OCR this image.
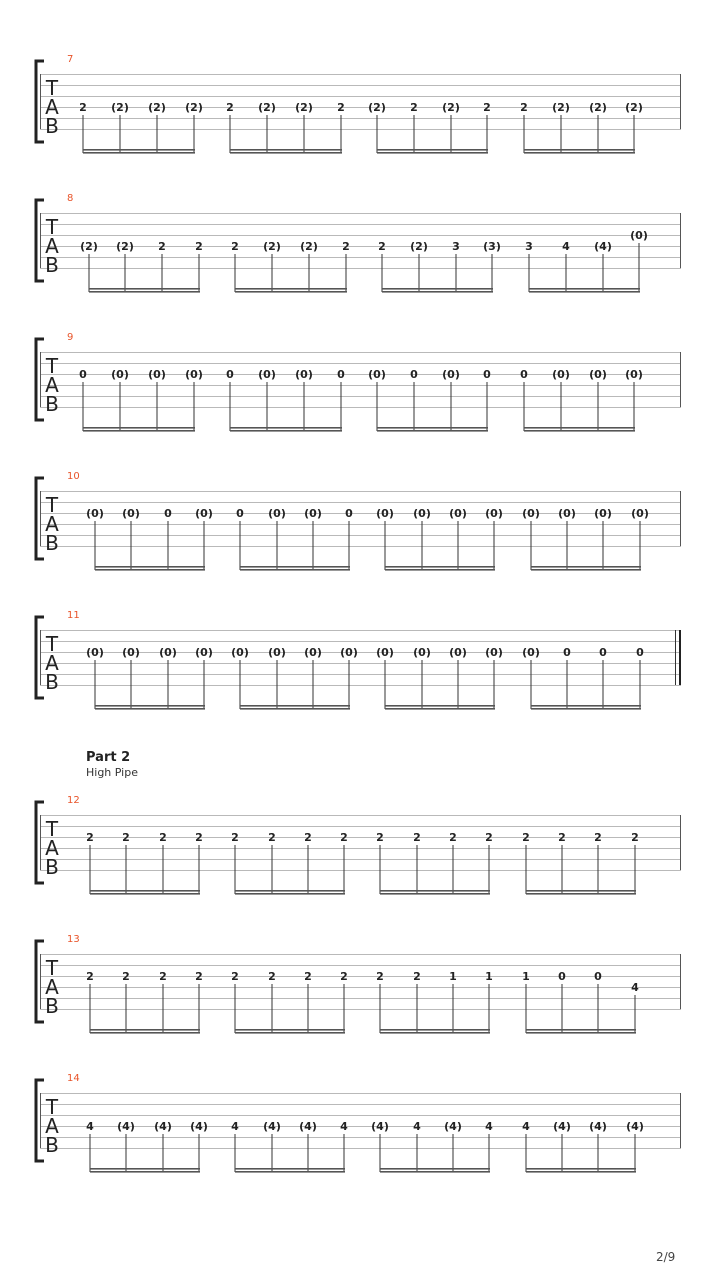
T
A
B
7
2 (2) (2) (2) 2 (2) (2) 2 (2) 2 (2) 2	2 (2) (2) (2)
T
A
B
8
(2) (2) 2	2	2 (2) (2) 2	2 (2) 3 (3) 3	4 (4)
(0)
T
A
B
9
0 (0) (0) (0) 0 (0) (0) 0 (0) 0 (0) 0	0 (0) (0) (0)
T
A
B
10
(0) (0) 0 (0) 0 (0) (0) 0 (0) (0) (0) (0) (0) (0) (0) (0)
T
A
B
11
(0) (0) (0) (0) (0) (0) (0) (0) (0) (0) (0) (0) (0) 0	0	0
T
A
B
12
2	2	2	2	2	2	2	2	2	2	2	2	2	2	2	2
T
A
B
13
2	2	2	2	2	2	2	2	2	2	1	1	1	0	0
4
T
A
B
14
4 (4) (4) (4) 4 (4) (4) 4 (4) 4 (4) 4	4 (4) (4) (4)
Part 2
High Pipe
2/9
